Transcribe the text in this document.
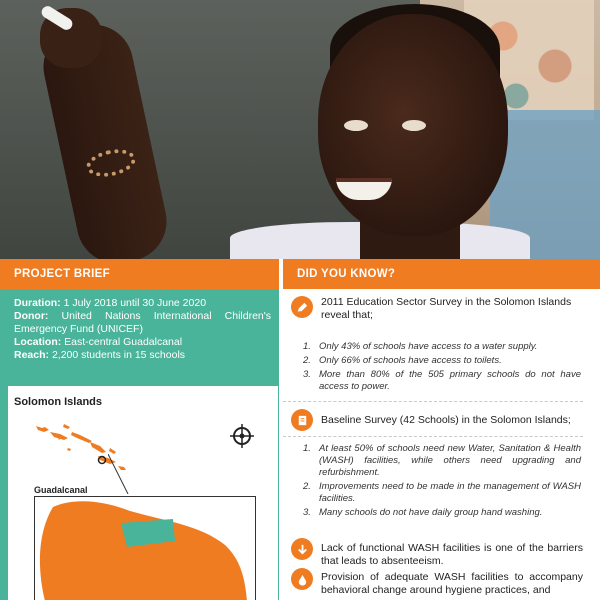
PROJECT BRIEF	DID YOU KNOW?

Duration: 1 July 2018 until 30 June 2020

Donor: United Nations International Children's Emergency Fund (UNICEF)

Location: East-central Guadalcanal

Reach: 2,200 students in 15 schools

Solomon Islands
Guadalcanal
2011 Education Sector Survey in the Solomon Islands reveal that;
1. Only 43% of schools have access to a water supply.
2. Only 66% of schools have access to toilets.
3. More than 80% of the 505 primary schools do not have access to power.
Baseline Survey (42 Schools) in the Solomon Islands;
1. At least 50% of schools need new Water, Sanitation & Health (WASH) facilities, while others need upgrading and refurbishment.
2. Improvements need to be made in the management of WASH facilities.
3. Many schools do not have daily group hand washing.
Lack of functional WASH facilities is one of the barriers that leads to absenteeism.
Provision of adequate WASH facilities to accompany behavioral change around hygiene practices, and
